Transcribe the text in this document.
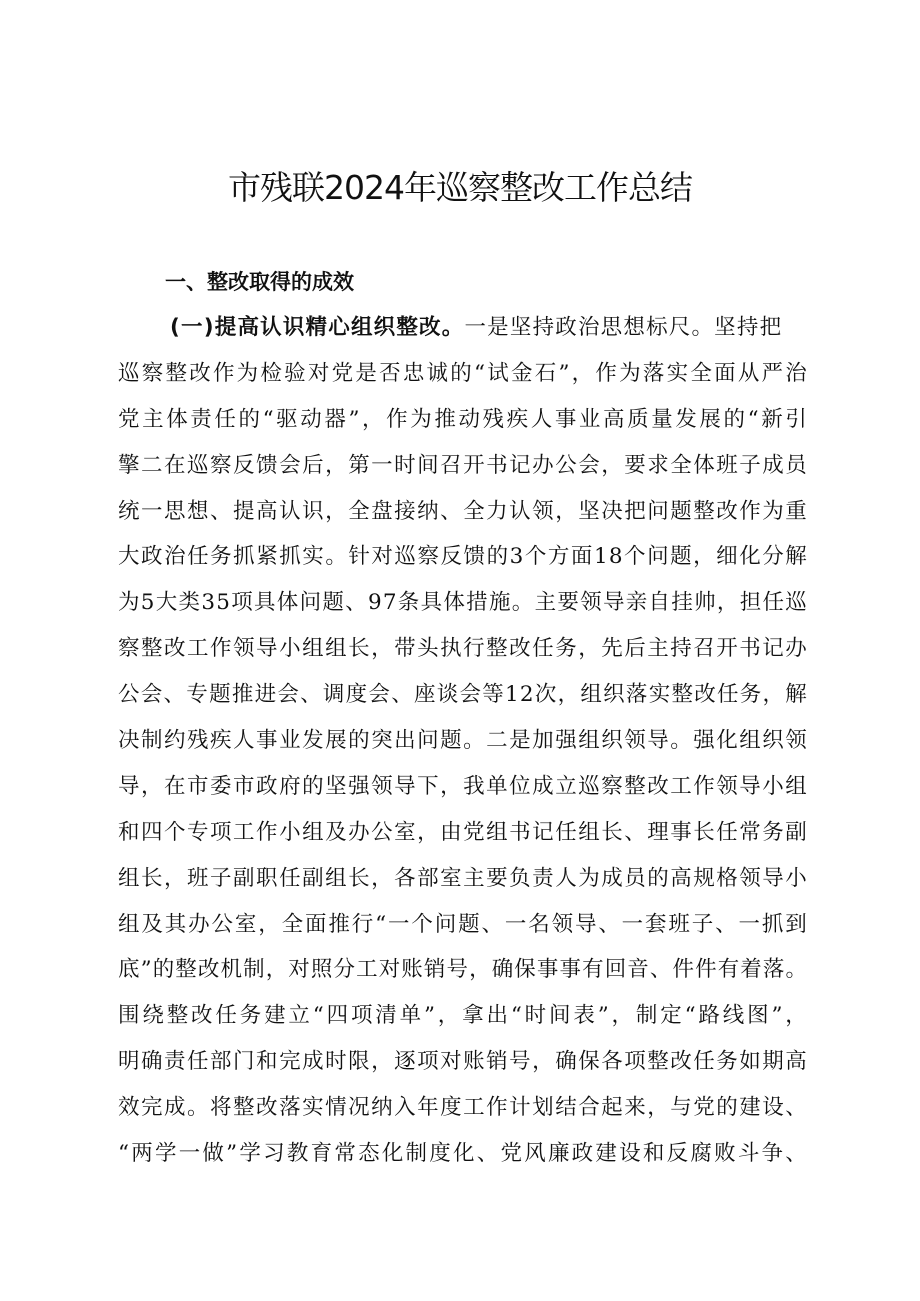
市残联2024年巡察整改工作总结
一、整改取得的成效
(一)提高认识精心组织整改。一是坚持政治思想标尺。坚持把
巡察整改作为检验对党是否忠诚的“试金石”，作为落实全面从严治
党主体责任的“驱动器”，作为推动残疾人事业高质量发展的“新引
擎二在巡察反馈会后，第一时间召开书记办公会，要求全体班子成员
统一思想、提高认识，全盘接纳、全力认领，坚决把问题整改作为重
大政治任务抓紧抓实。针对巡察反馈的3个方面18个问题，细化分解
为5大类35项具体问题、97条具体措施。主要领导亲自挂帅，担任巡
察整改工作领导小组组长，带头执行整改任务，先后主持召开书记办
公会、专题推进会、调度会、座谈会等12次，组织落实整改任务，解
决制约残疾人事业发展的突出问题。二是加强组织领导。强化组织领
导，在市委市政府的坚强领导下，我单位成立巡察整改工作领导小组
和四个专项工作小组及办公室，由党组书记任组长、理事长任常务副
组长，班子副职任副组长，各部室主要负责人为成员的高规格领导小
组及其办公室，全面推行“一个问题、一名领导、一套班子、一抓到
底”的整改机制，对照分工对账销号，确保事事有回音、件件有着落。
围绕整改任务建立“四项清单”，拿出“时间表”，制定“路线图”，
明确责任部门和完成时限，逐项对账销号，确保各项整改任务如期高
效完成。将整改落实情况纳入年度工作计划结合起来，与党的建设、
“两学一做”学习教育常态化制度化、党风廉政建设和反腐败斗争、
